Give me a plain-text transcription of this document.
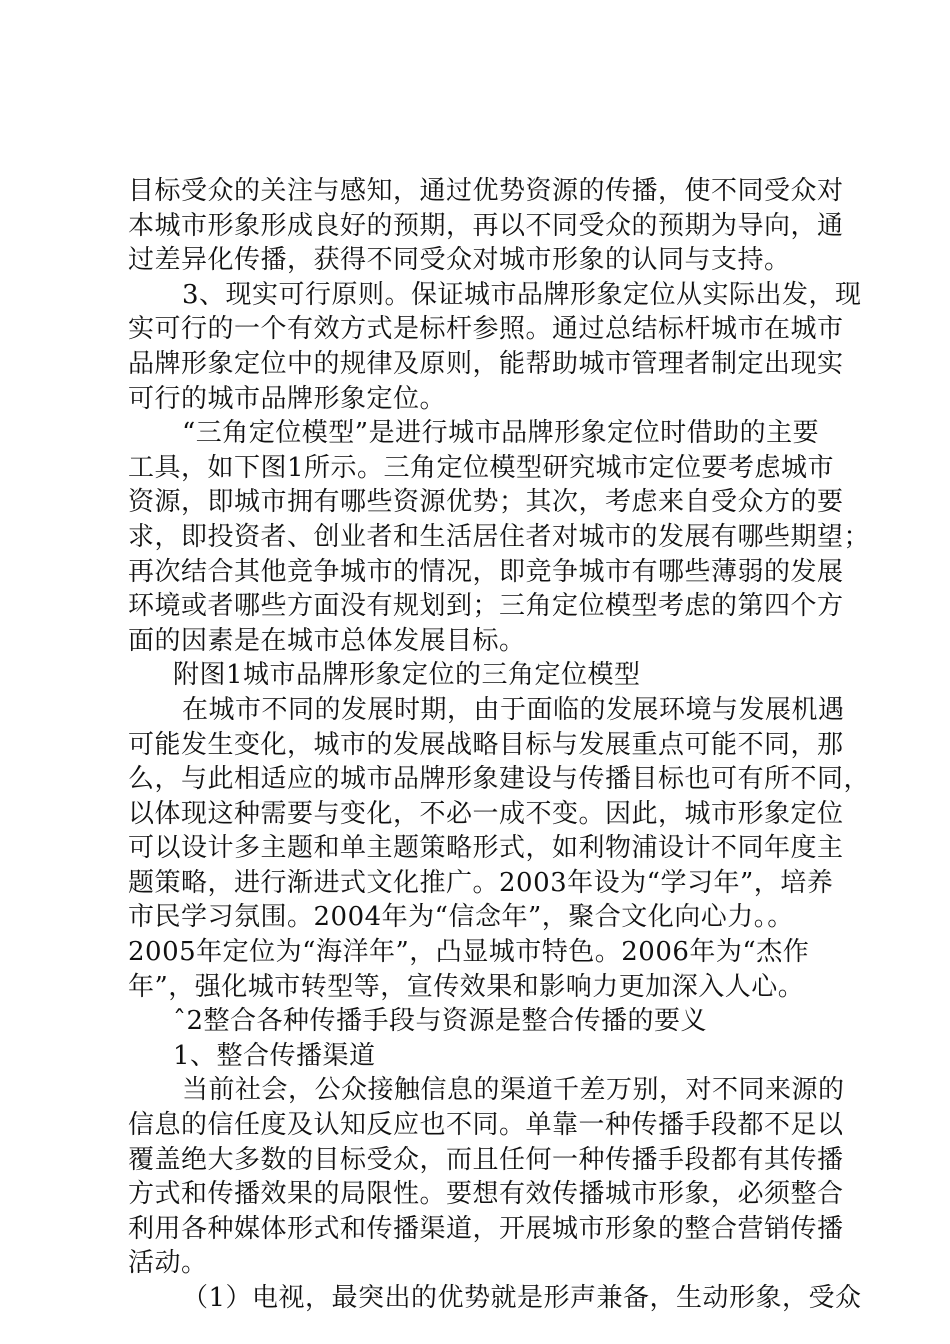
目标受众的关注与感知，通过优势资源的传播，使不同受众对
本城市形象形成良好的预期，再以不同受众的预期为导向，通
过差异化传播，获得不同受众对城市形象的认同与支持。
3、现实可行原则。保证城市品牌形象定位从实际出发，现
实可行的一个有效方式是标杆参照。通过总结标杆城市在城市
品牌形象定位中的规律及原则，能帮助城市管理者制定出现实
可行的城市品牌形象定位。
“三角定位模型”是进行城市品牌形象定位时借助的主要
工具，如下图1所示。三角定位模型研究城市定位要考虑城市
资源，即城市拥有哪些资源优势；其次，考虑来自受众方的要
求，即投资者、创业者和生活居住者对城市的发展有哪些期望；
再次结合其他竞争城市的情况，即竞争城市有哪些薄弱的发展
环境或者哪些方面没有规划到；三角定位模型考虑的第四个方
面的因素是在城市总体发展目标。
附图1城市品牌形象定位的三角定位模型
在城市不同的发展时期，由于面临的发展环境与发展机遇
可能发生变化，城市的发展战略目标与发展重点可能不同，那
么，与此相适应的城市品牌形象建设与传播目标也可有所不同，
以体现这种需要与变化，不必一成不变。因此，城市形象定位
可以设计多主题和单主题策略形式，如利物浦设计不同年度主
题策略，进行渐进式文化推广。2003年设为“学习年”，培养
市民学习氛围。2004年为“信念年”，聚合文化向心力。。
2005年定位为“海洋年”，凸显城市特色。2006年为“杰作
年”，强化城市转型等，宣传效果和影响力更加深入人心。
ˆ2整合各种传播手段与资源是整合传播的要义
1、整合传播渠道
当前社会，公众接触信息的渠道千差万别，对不同来源的
信息的信任度及认知反应也不同。单靠一种传播手段都不足以
覆盖绝大多数的目标受众，而且任何一种传播手段都有其传播
方式和传播效果的局限性。要想有效传播城市形象，必须整合
利用各种媒体形式和传播渠道，开展城市形象的整合营销传播
活动。
（1）电视，最突出的优势就是形声兼备，生动形象，受众
